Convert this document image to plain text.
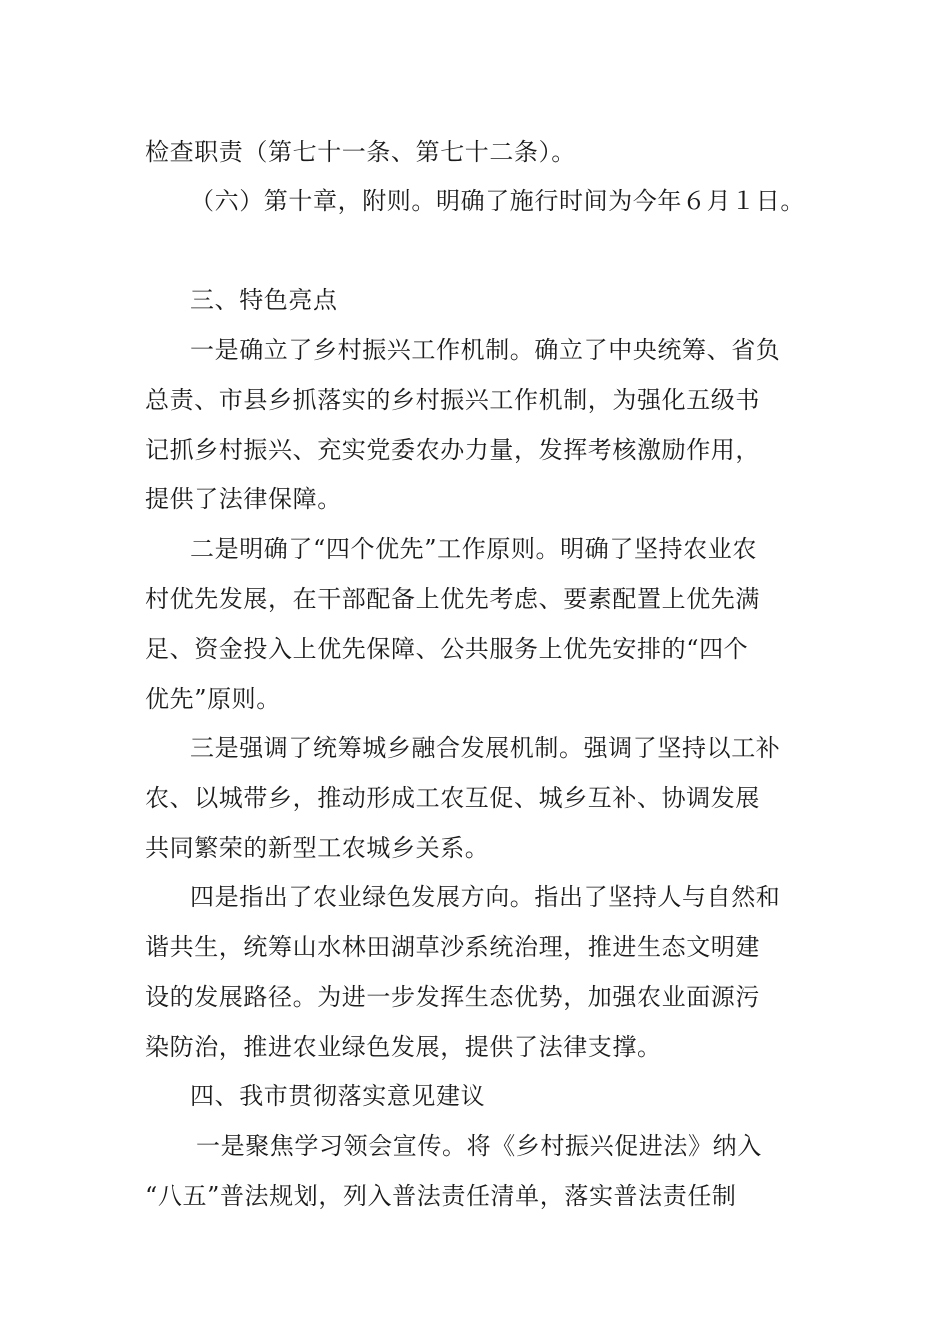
检查职责（第七十一条、第七十二条）。
（六）第十章，附则。明确了施行时间为今年６月１日。
三、特色亮点
一是确立了乡村振兴工作机制。确立了中央统筹、省负
总责、市县乡抓落实的乡村振兴工作机制，为强化五级书
记抓乡村振兴、充实党委农办力量，发挥考核激励作用，
提供了法律保障。
二是明确了“四个优先”工作原则。明确了坚持农业农
村优先发展，在干部配备上优先考虑、要素配置上优先满
足、资金投入上优先保障、公共服务上优先安排的“四个
优先”原则。
三是强调了统筹城乡融合发展机制。强调了坚持以工补
农、以城带乡，推动形成工农互促、城乡互补、协调发展
共同繁荣的新型工农城乡关系。
四是指出了农业绿色发展方向。指出了坚持人与自然和
谐共生，统筹山水林田湖草沙系统治理，推进生态文明建
设的发展路径。为进一步发挥生态优势，加强农业面源污
染防治，推进农业绿色发展，提供了法律支撑。
四、我市贯彻落实意见建议
一是聚焦学习领会宣传。将《乡村振兴促进法》纳入
“八五”普法规划，列入普法责任清单，落实普法责任制
